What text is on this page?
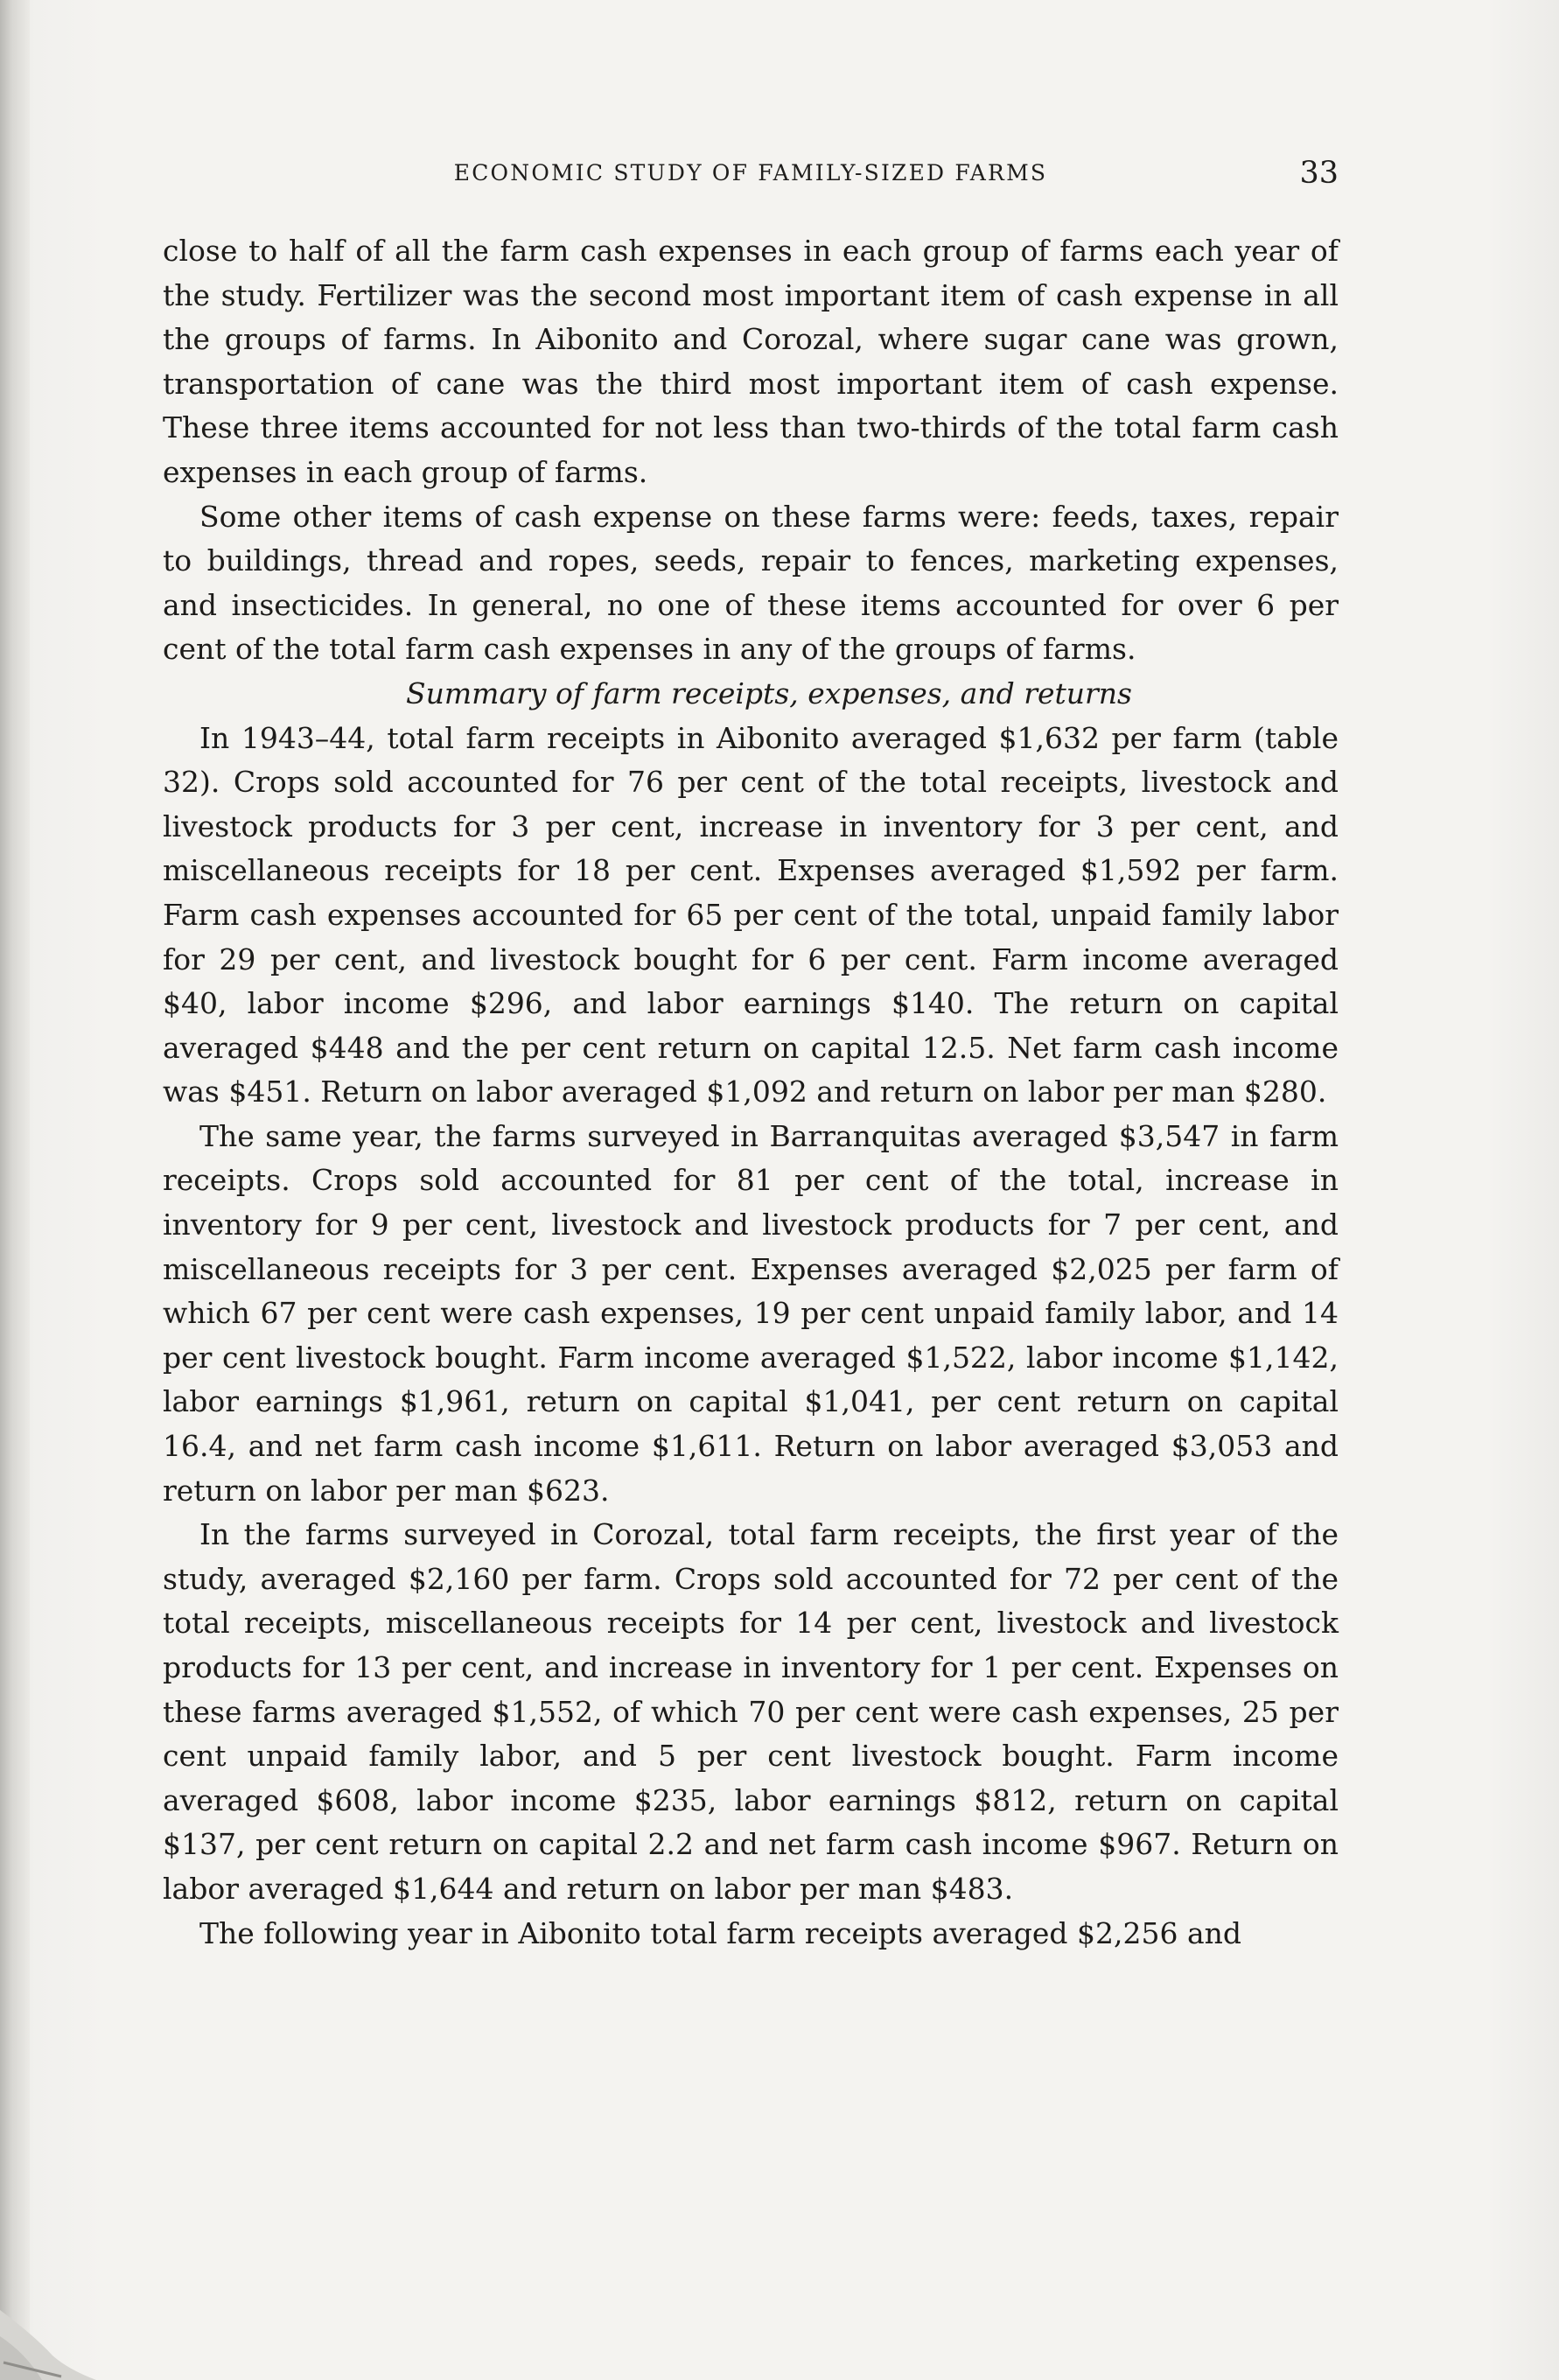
ECONOMIC STUDY OF FAMILY-SIZED FARMS	33

close to half of all the farm cash expenses in each group of farms each year of the study. Fertilizer was the second most important item of cash expense in all the groups of farms. In Aibonito and Corozal, where sugar cane was grown, transportation of cane was the third most important item of cash expense. These three items accounted for not less than two-thirds of the total farm cash expenses in each group of farms.

Some other items of cash expense on these farms were: feeds, taxes, repair to buildings, thread and ropes, seeds, repair to fences, marketing expenses, and insecticides. In general, no one of these items accounted for over 6 per cent of the total farm cash expenses in any of the groups of farms.

Summary of farm receipts, expenses, and returns

In 1943–44, total farm receipts in Aibonito averaged $1,632 per farm (table 32). Crops sold accounted for 76 per cent of the total receipts, livestock and livestock products for 3 per cent, increase in inventory for 3 per cent, and miscellaneous receipts for 18 per cent. Expenses averaged $1,592 per farm. Farm cash expenses accounted for 65 per cent of the total, unpaid family labor for 29 per cent, and livestock bought for 6 per cent. Farm income averaged $40, labor income $296, and labor earnings $140. The return on capital averaged $448 and the per cent return on capital 12.5. Net farm cash income was $451. Return on labor averaged $1,092 and return on labor per man $280.

The same year, the farms surveyed in Barranquitas averaged $3,547 in farm receipts. Crops sold accounted for 81 per cent of the total, increase in inventory for 9 per cent, livestock and livestock products for 7 per cent, and miscellaneous receipts for 3 per cent. Expenses averaged $2,025 per farm of which 67 per cent were cash expenses, 19 per cent unpaid family labor, and 14 per cent livestock bought. Farm income averaged $1,522, labor income $1,142, labor earnings $1,961, return on capital $1,041, per cent return on capital 16.4, and net farm cash income $1,611. Return on labor averaged $3,053 and return on labor per man $623.

In the farms surveyed in Corozal, total farm receipts, the first year of the study, averaged $2,160 per farm. Crops sold accounted for 72 per cent of the total receipts, miscellaneous receipts for 14 per cent, livestock and livestock products for 13 per cent, and increase in inventory for 1 per cent. Expenses on these farms averaged $1,552, of which 70 per cent were cash expenses, 25 per cent unpaid family labor, and 5 per cent livestock bought. Farm income averaged $608, labor income $235, labor earnings $812, return on capital $137, per cent return on capital 2.2 and net farm cash income $967. Return on labor averaged $1,644 and return on labor per man $483.

The following year in Aibonito total farm receipts averaged $2,256 and
